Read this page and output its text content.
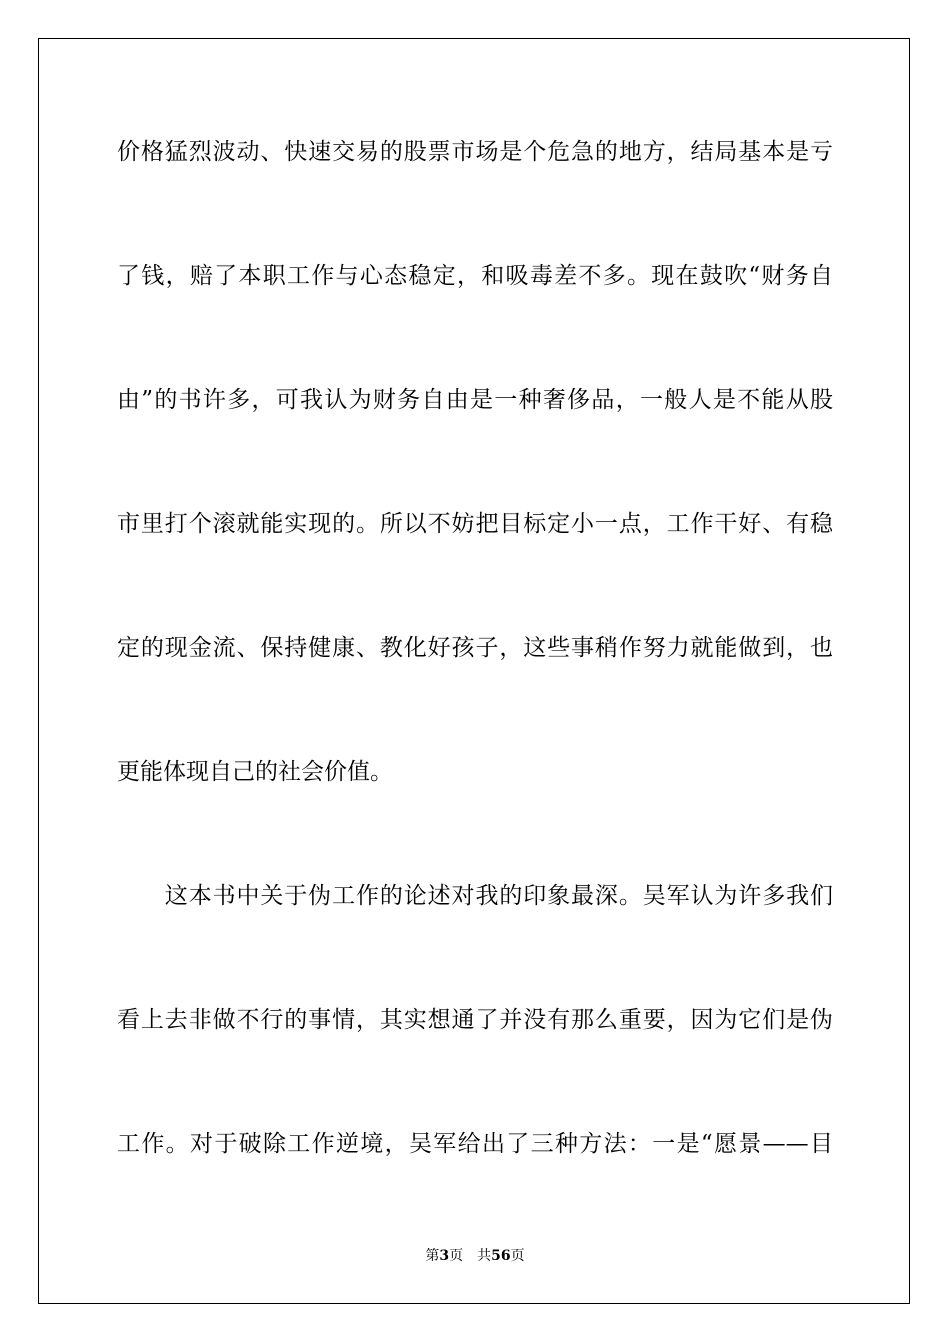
价格猛烈波动、快速交易的股票市场是个危急的地方，结局基本是亏
了钱，赔了本职工作与心态稳定，和吸毒差不多。现在鼓吹“财务自
由”的书许多，可我认为财务自由是一种奢侈品，一般人是不能从股
市里打个滚就能实现的。所以不妨把目标定小一点，工作干好、有稳
定的现金流、保持健康、教化好孩子，这些事稍作努力就能做到，也
更能体现自己的社会价值。
　　这本书中关于伪工作的论述对我的印象最深。吴军认为许多我们
看上去非做不行的事情，其实想通了并没有那么重要，因为它们是伪
工作。对于破除工作逆境，吴军给出了三种方法：一是“愿景——目
第3页 共56页
